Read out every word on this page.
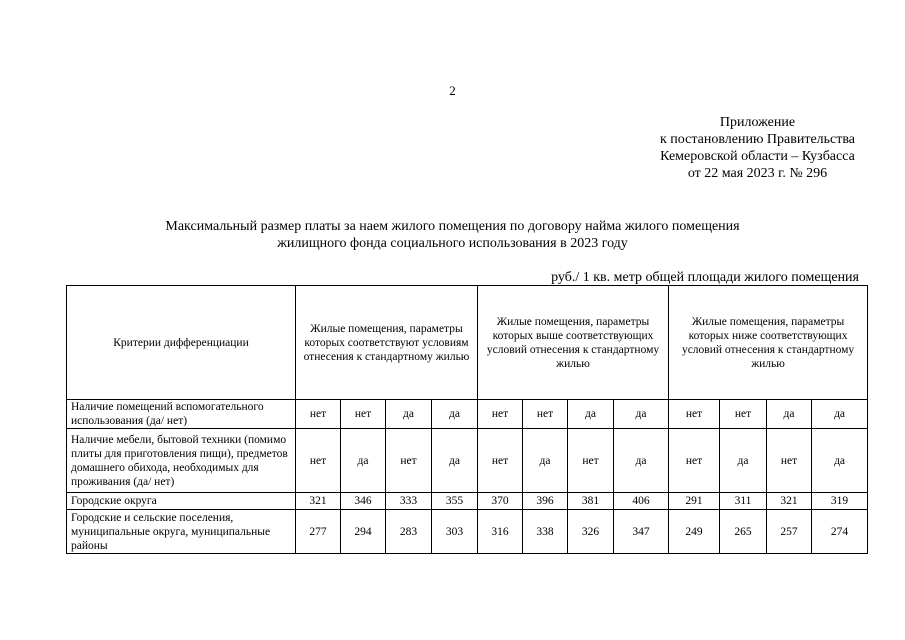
2
Приложение
к постановлению Правительства
Кемеровской области – Кузбасса
от 22 мая 2023 г. № 296
Максимальный размер платы за наем жилого помещения по договору найма жилого помещения
жилищного фонда социального использования в 2023 году
руб./ 1 кв. метр общей площади жилого помещения
Критерии дифференциации	Жилые помещения, параметры которых соответствуют условиям отнесения к стандартному жилью				Жилые помещения, параметры которых выше соответствующих условий отнесения к стандартному жилью				Жилые помещения, параметры которых ниже соответствующих условий отнесения к стандартному жилью			
Наличие помещений вспомогательного использования (да/ нет)	нет	нет	да	да	нет	нет	да	да	нет	нет	да	да
Наличие мебели, бытовой техники (помимо плиты для приготовления пищи), предметов домашнего обихода, необходимых для проживания (да/ нет)	нет	да	нет	да	нет	да	нет	да	нет	да	нет	да
Городские округа	321	346	333	355	370	396	381	406	291	311	321	319
Городские и сельские поселения, муниципальные округа, муниципальные районы	277	294	283	303	316	338	326	347	249	265	257	274
